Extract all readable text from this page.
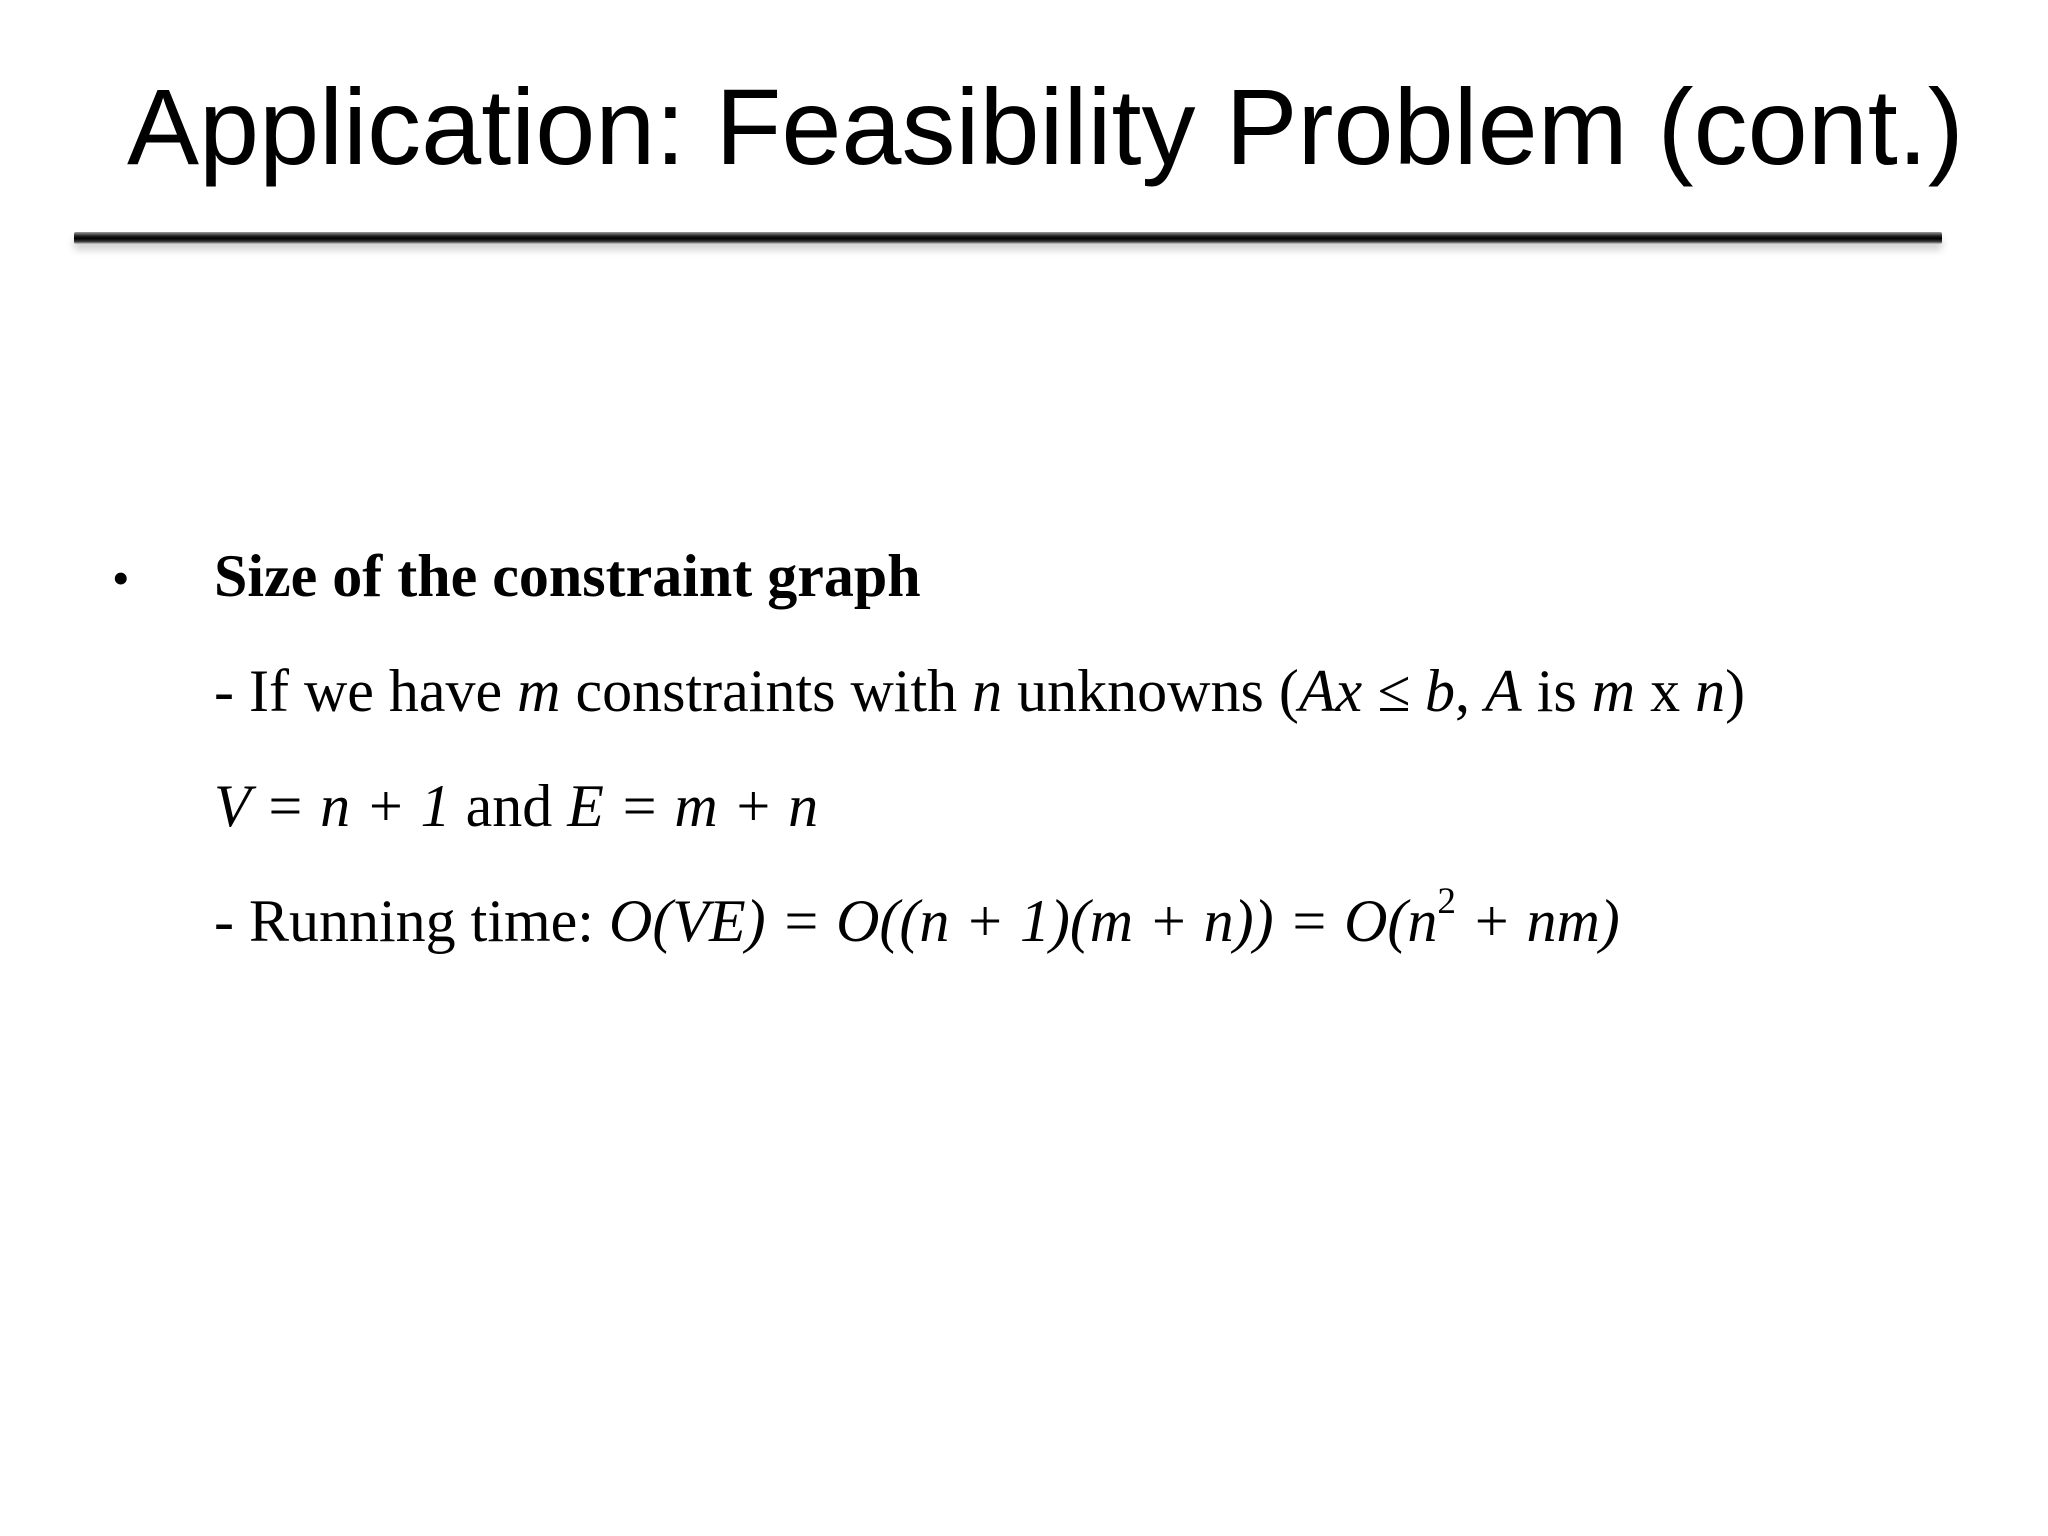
Application: Feasibility Problem (cont.)
• Size of the constraint graph
- If we have m constraints with n unknowns (Ax ≤ b, A is m x n)
V = n + 1 and E = m + n
- Running time: $O(VE) = O((n + 1)(m + n)) = O(n^2 + nm)$
